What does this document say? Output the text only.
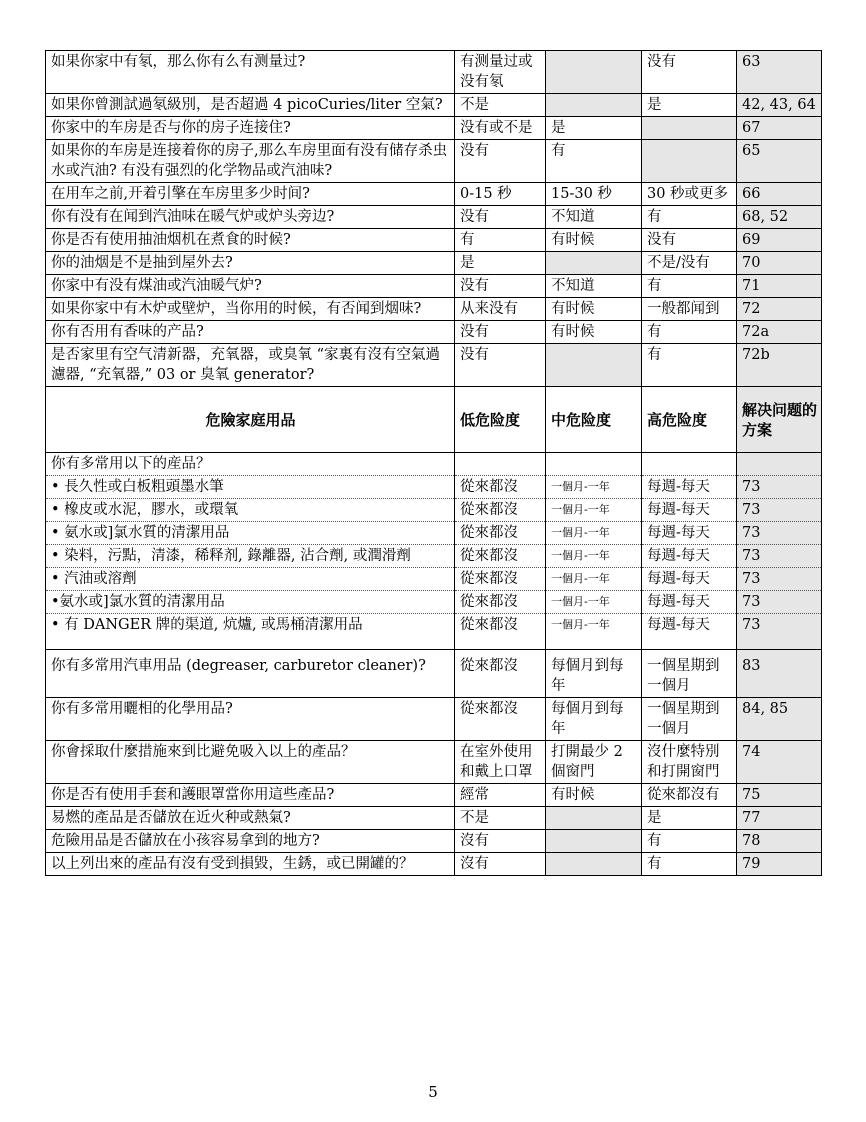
如果你家中有氡，那么你有么有测量过?	有测量过或没有氡		没有	63
如果你曾測試過氡級別，是否超過 4 picoCuries/liter 空氣?	不是		是	42, 43, 64
你家中的车房是否与你的房子连接住?	没有或不是	是		67
如果你的车房是连接着你的房子,那么车房里面有没有储存杀虫水或汽油? 有没有强烈的化学物品或汽油味?	没有	有		65
在用车之前,开着引擎在车房里多少时间?	0-15 秒	15-30 秒	30 秒或更多	66
你有没有在闻到汽油味在暖气炉或炉头旁边?	没有	不知道	有	68, 52
你是否有使用抽油烟机在煮食的时候?	有	有时候	没有	69
你的油烟是不是抽到屋外去?	是		不是/没有	70
你家中有没有煤油或汽油暖气炉?	没有	不知道	有	71
如果你家中有木炉或壁炉，当你用的时候，有否闻到烟味?	从来没有	有时候	一般都闻到	72
你有否用有香味的产品?	没有	有时候	有	72a
是否家里有空气清新器，充氧器，或臭氧 “家裏有沒有空氣過濾器, “充氧器,” 03 or 臭氧 generator?	没有		有	72b
危險家庭用品	低危险度	中危险度	高危险度	解决问题的方案
你有多常用以下的産品？				
• 長久性或白板粗頭墨水筆	從來都沒	一個月-一年	每週-每天	73
• 橡皮或水泥，膠水，或環氧	從來都沒	一個月-一年	每週-每天	73
• 氨水或]氯水質的清潔用品	從來都沒	一個月-一年	每週-每天	73
• 染料，污點，清漆，稀释剂, 錄離器, 沾合劑, 或潤滑劑	從來都沒	一個月-一年	每週-每天	73
• 汽油或溶劑	從來都沒	一個月-一年	每週-每天	73
•氨水或]氯水質的清潔用品	從來都沒	一個月-一年	每週-每天	73
• 有 DANGER 牌的渠道, 炕爐, 或馬桶清潔用品	從來都沒	一個月-一年	每週-每天	73
你有多常用汽車用品 (degreaser, carburetor cleaner)?	從來都沒	每個月到每年	一個星期到一個月	83
你有多常用曬相的化學用品?	從來都沒	每個月到每年	一個星期到一個月	84, 85
你會採取什麼措施來到比避免吸入以上的產品？	在室外使用和戴上口罩	打開最少 2 個窗門	沒什麼特別和打開窗門	74
你是否有使用手套和護眼罩當你用這些產品?	經常	有时候	從來都沒有	75
易燃的產品是否儲放在近火种或熱氣?	不是		是	77
危險用品是否儲放在小孩容易拿到的地方?	沒有		有	78
以上列出來的產品有沒有受到損毀，生銹，或已開罐的？	沒有		有	79
5
